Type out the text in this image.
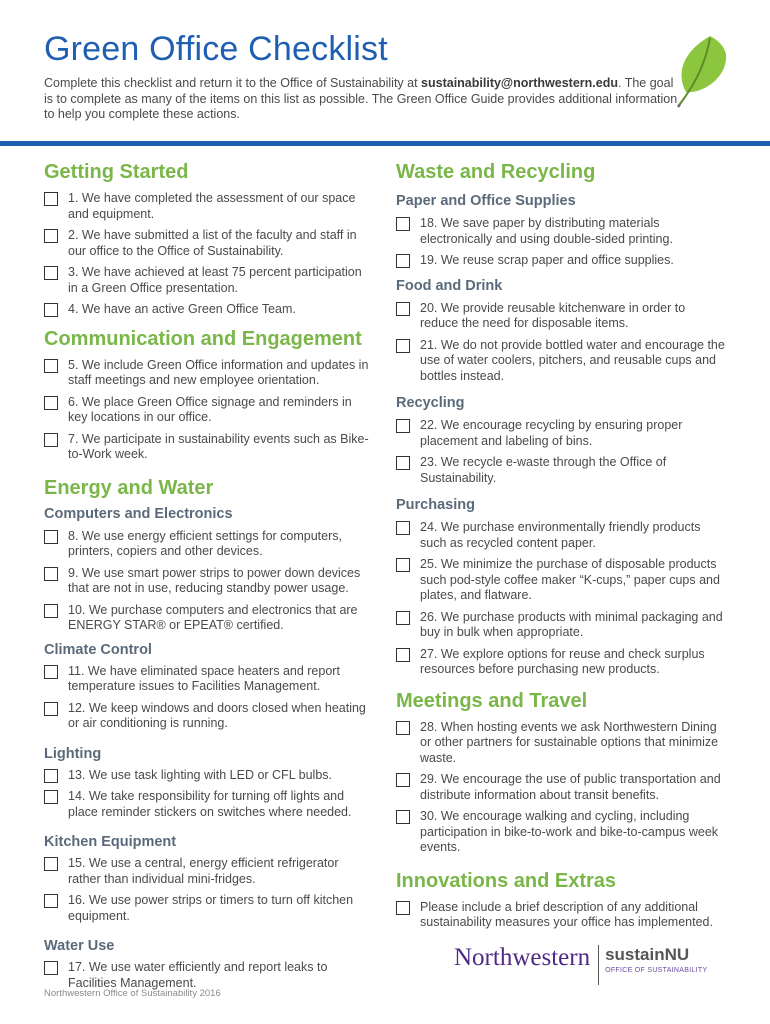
Green Office Checklist
Complete this checklist and return it to the Office of Sustainability at sustainability@northwestern.edu. The goal is to complete as many of the items on this list as possible. The Green Office Guide provides additional information to help you complete these actions.
Getting Started
1. We have completed the assessment of our space and equipment.
2. We have submitted a list of the faculty and staff in our office to the Office of Sustainability.
3. We have achieved at least 75 percent participation in a Green Office presentation.
4. We have an active Green Office Team.
Communication and Engagement
5. We include Green Office information and updates in staff meetings and new employee orientation.
6. We place Green Office signage and reminders in key locations in our office.
7. We participate in sustainability events such as Bike-to-Work week.
Energy and Water
Computers and Electronics
8. We use energy efficient settings for computers, printers, copiers and other devices.
9. We use smart power strips to power down devices that are not in use, reducing standby power usage.
10. We purchase computers and electronics that are ENERGY STAR® or EPEAT® certified.
Climate Control
11. We have eliminated space heaters and report temperature issues to Facilities Management.
12. We keep windows and doors closed when heating or air conditioning is running.
Lighting
13. We use task lighting with LED or CFL bulbs.
14. We take responsibility for turning off lights and place reminder stickers on switches where needed.
Kitchen Equipment
15. We use a central, energy efficient refrigerator rather than individual mini-fridges.
16. We use power strips or timers to turn off kitchen equipment.
Water Use
17. We use water efficiently and report leaks to Facilities Management.
Waste and Recycling
Paper and Office Supplies
18. We save paper by distributing materials electronically and using double-sided printing.
19. We reuse scrap paper and office supplies.
Food and Drink
20. We provide reusable kitchenware in order to reduce the need for disposable items.
21. We do not provide bottled water and encourage the use of water coolers, pitchers, and reusable cups and bottles instead.
Recycling
22. We encourage recycling by ensuring proper placement and labeling of bins.
23. We recycle e-waste through the Office of Sustainability.
Purchasing
24. We purchase environmentally friendly products such as recycled content paper.
25. We minimize the purchase of disposable products such pod-style coffee maker “K-cups,” paper cups and plates, and flatware.
26. We purchase products with minimal packaging and buy in bulk when appropriate.
27. We explore options for reuse and check surplus resources before purchasing new products.
Meetings and Travel
28. When hosting events we ask Northwestern Dining or other partners for sustainable options that minimize waste.
29. We encourage the use of public transportation and distribute information about transit benefits.
30. We encourage walking and cycling, including participation in bike-to-work and bike-to-campus week events.
Innovations and Extras
Please include a brief description of any additional sustainability measures your office has implemented.
Northwestern Office of Sustainability 2016
Northwestern sustainNU
OFFICE OF SUSTAINABILITY
